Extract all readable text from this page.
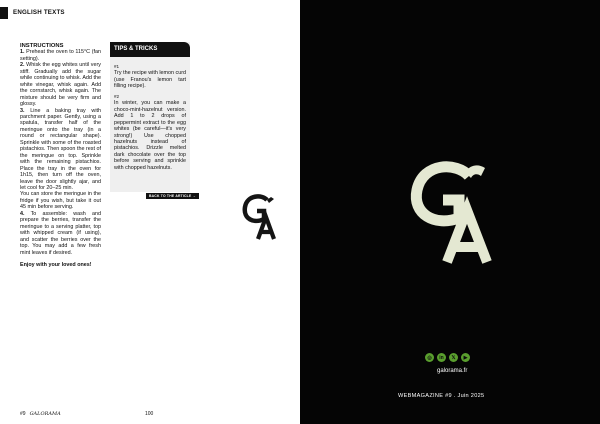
ENGLISH TEXTS
INSTRUCTIONS

1. Preheat the oven to 115°C (fan setting).

2. Whisk the egg whites until very stiff. Gradually add the sugar while continuing to whisk. Add the white vinegar, whisk again. Add the cornstarch, whisk again. The mixture should be very firm and glossy.

3. Line a baking tray with parchment paper. Gently, using a spatula, transfer half of the meringue onto the tray (in a round or rectangular shape). Sprinkle with some of the roasted pistachios. Then spoon the rest of the meringue on top. Sprinkle with the remaining pistachios. Place the tray in the oven for 1h15, then turn off the oven, leave the door slightly ajar, and let cool for 20–25 min.

You can store the meringue in the fridge if you wish, but take it out 45 min before serving.

4. To assemble: wash and prepare the berries, transfer the meringue to a serving platter, top with whipped cream (if using), and scatter the berries over the top. You may add a few fresh mint leaves if desired.

Enjoy with your loved ones!

TIPS & TRICKS
#1

Try the recipe with lemon curd (use Franou's lemon tart filling recipe).

#2

In winter, you can make a choco-mint-hazelnut version. Add 1 to 2 drops of peppermint extract to the egg whites (be careful—it's very strong!) Use chopped hazelnuts instead of pistachios. Drizzle melted dark chocolate over the top before serving and sprinkle with chopped hazelnuts.

BACK TO THE ARTICLE →
#9 GALORAMA	100
◎	in	𝕏	▶
galorama.fr
WEBMAGAZINE #9 . Juin 2025
